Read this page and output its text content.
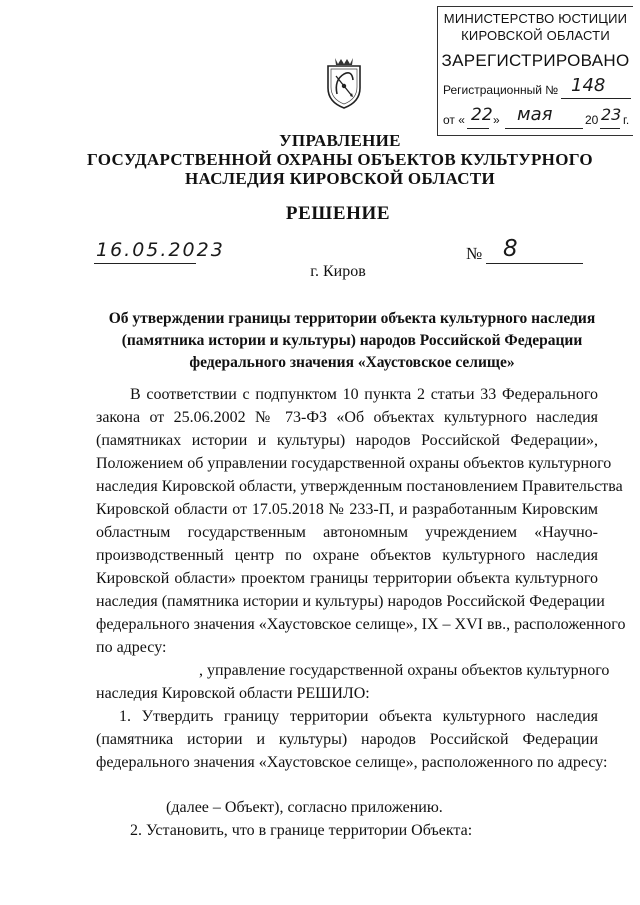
МИНИСТЕРСТВО ЮСТИЦИИ
КИРОВСКОЙ ОБЛАСТИ
ЗАРЕГИСТРИРОВАНО
Регистрационный № 148
от « 22 » мая	20 23 г.
УПРАВЛЕНИЕ
ГОСУДАРСТВЕННОЙ ОХРАНЫ ОБЪЕКТОВ КУЛЬТУРНОГО
НАСЛЕДИЯ КИРОВСКОЙ ОБЛАСТИ
РЕШЕНИЕ
16.05.2023	№ 8
г. Киров
Об утверждении границы территории объекта культурного наследия
(памятника истории и культуры) народов Российской Федерации
федерального значения «Хаустовское селище»
В соответствии с подпунктом 10 пункта 2 статьи 33 Федерального
закона от 25.06.2002 № 73-ФЗ «Об объектах культурного наследия
(памятниках истории и культуры) народов Российской Федерации»,
Положением об управлении государственной охраны объектов культурного
наследия Кировской области, утвержденным постановлением Правительства
Кировской области от 17.05.2018 № 233-П, и разработанным Кировским
областным государственным автономным учреждением «Научно-
производственный центр по охране объектов культурного наследия
Кировской области» проектом границы территории объекта культурного
наследия (памятника истории и культуры) народов Российской Федерации
федерального значения «Хаустовское селище», IX – XVI вв., расположенного
по адресу:
, управление государственной охраны объектов культурного
наследия Кировской области РЕШИЛО:
1. Утвердить границу территории объекта культурного наследия
(памятника истории и культуры) народов Российской Федерации
федерального значения «Хаустовское селище», расположенного по адресу:
(далее – Объект), согласно приложению.
2. Установить, что в границе территории Объекта:
